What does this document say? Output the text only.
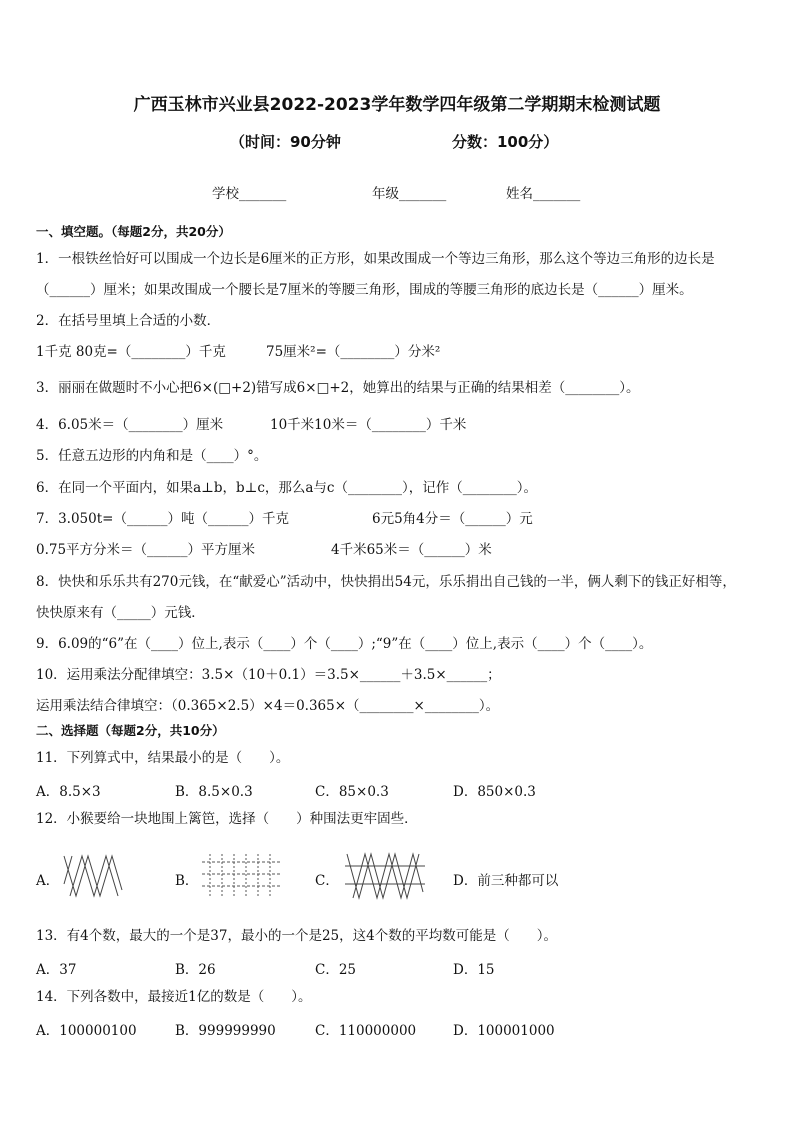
广西玉林市兴业县2022-2023学年数学四年级第二学期期末检测试题
（时间：90分钟	分数：100分）
学校_______	年级_______	姓名_______
一、填空题。（每题2分，共20分）
1．一根铁丝恰好可以围成一个边长是6厘米的正方形，如果改围成一个等边三角形，那么这个等边三角形的边长是
（______）厘米；如果改围成一个腰长是7厘米的等腰三角形，围成的等腰三角形的底边长是（______）厘米。
2．在括号里填上合适的小数．
1千克 80克=（________）千克	75厘米²=（________）分米²
3．丽丽在做题时不小心把6×(□+2)错写成6×□+2，她算出的结果与正确的结果相差（________）。
4．6.05米＝（________）厘米	10千米10米＝（________）千米
5．任意五边形的内角和是（____）°。
6．在同一个平面内，如果a⊥b，b⊥c，那么a与c（________），记作（________）。
7．3.050t=（______）吨（______）千克	6元5角4分＝（______）元
0.75平方分米＝（______）平方厘米	4千米65米＝（______）米
8．快快和乐乐共有270元钱，在“献爱心”活动中，快快捐出54元，乐乐捐出自己钱的一半，俩人剩下的钱正好相等，
快快原来有（_____）元钱．
9．6.09的“6”在（____）位上,表示（____）个（____）;“9”在（____）位上,表示（____）个（____）。
10．运用乘法分配律填空：3.5×（10＋0.1）＝3.5×______＋3.5×______；
运用乘法结合律填空：（0.365×2.5）×4＝0.365×（________×________）。
二、选择题（每题2分，共10分）
11．下列算式中，结果最小的是（　　）。
A．8.5×3	B．8.5×0.3	C．85×0.3	D．850×0.3
12．小猴要给一块地围上篱笆，选择（　　）种围法更牢固些．
A．	B．	C．	D．前三种都可以
13．有4个数，最大的一个是37，最小的一个是25，这4个数的平均数可能是（　　）。
A．37	B．26	C．25	D．15
14．下列各数中，最接近1亿的数是（　　）。
A．100000100	B．999999990	C．110000000	D．100001000
